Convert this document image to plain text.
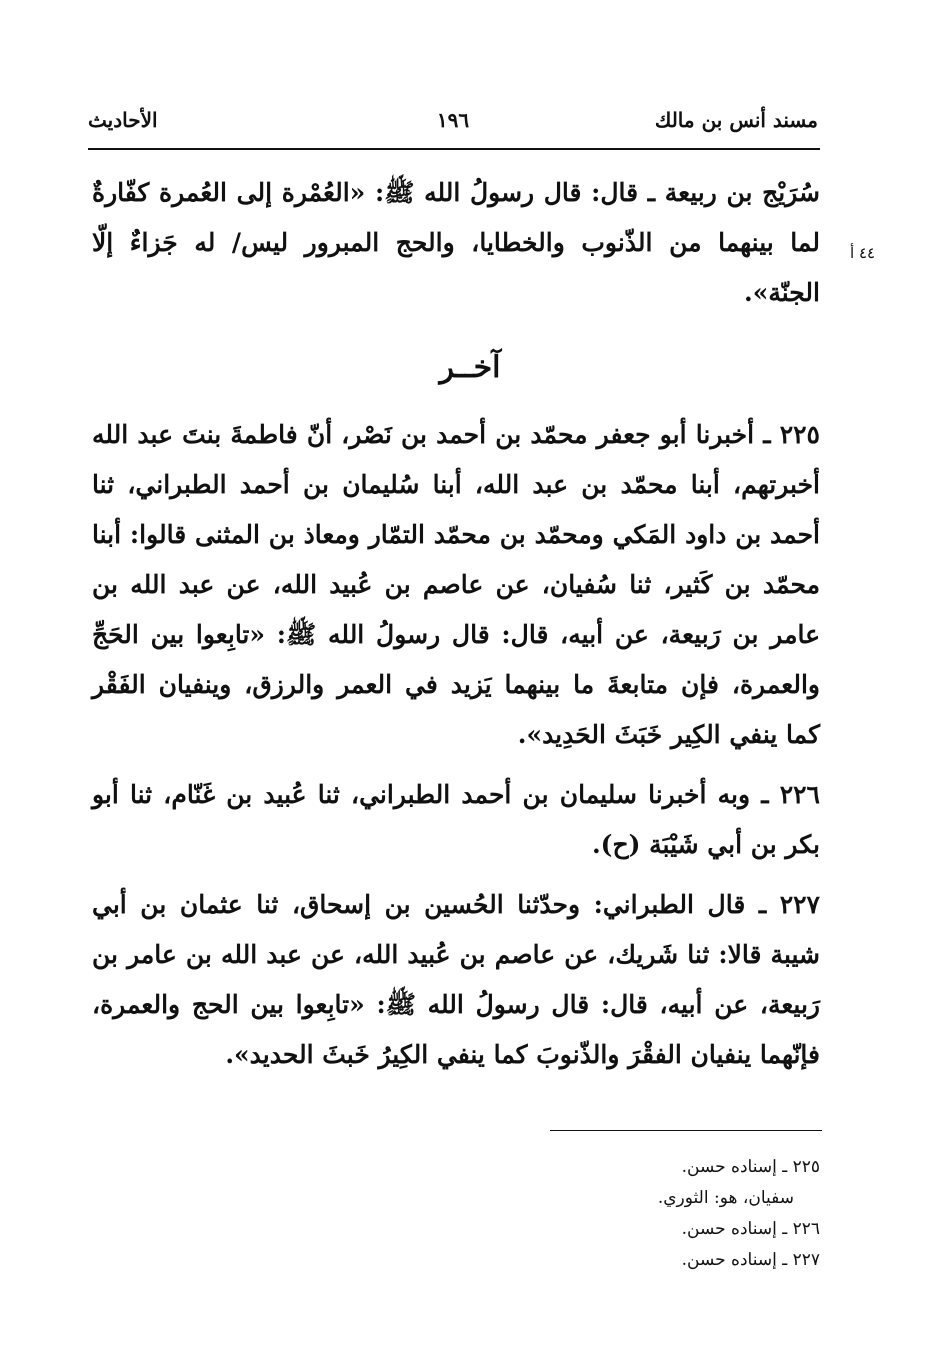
مسند أنس بن مالك
١٩٦
الأحاديث
٤٤ أ

سُرَيْج بن ربيعة ـ قال: قال رسولُ الله ﷺ: «العُمْرة إلى العُمرة كفّارةٌ لما بينهما من الذّنوب والخطايا، والحج المبرور ليس/ له جَزاءٌ إلّا الجنّة».

آخــر

٢٢٥ ـ أخبرنا أبو جعفر محمّد بن أحمد بن نَصْر، أنّ فاطمةَ بنتَ عبد الله أخبرتهم، أبنا محمّد بن عبد الله، أبنا سُليمان بن أحمد الطبراني، ثنا أحمد بن داود المَكي ومحمّد بن محمّد التمّار ومعاذ بن المثنى قالوا: أبنا محمّد بن كَثير، ثنا سُفيان، عن عاصم بن عُبيد الله، عن عبد الله بن عامر بن رَبيعة، عن أبيه، قال: قال رسولُ الله ﷺ: «تابِعوا بين الحَجِّ والعمرة، فإن متابعةَ ما بينهما يَزيد في العمر والرزق، وينفيان الفَقْر كما ينفي الكِير خَبَثَ الحَدِيد».

٢٢٦ ـ وبه أخبرنا سليمان بن أحمد الطبراني، ثنا عُبيد بن غَنّام، ثنا أبو بكر بن أبي شَيْبَة (ح).

٢٢٧ ـ قال الطبراني: وحدّثنا الحُسين بن إسحاق، ثنا عثمان بن أبي شيبة قالا: ثنا شَريك، عن عاصم بن عُبيد الله، عن عبد الله بن عامر بن رَبيعة، عن أبيه، قال: قال رسولُ الله ﷺ: «تابِعوا بين الحج والعمرة، فإنّهما ينفيان الفقْرَ والذّنوبَ كما ينفي الكِيرُ خَبثَ الحديد».

٢٢٥ ـ إسناده حسن.
سفيان، هو: الثوري.
٢٢٦ ـ إسناده حسن.
٢٢٧ ـ إسناده حسن.
